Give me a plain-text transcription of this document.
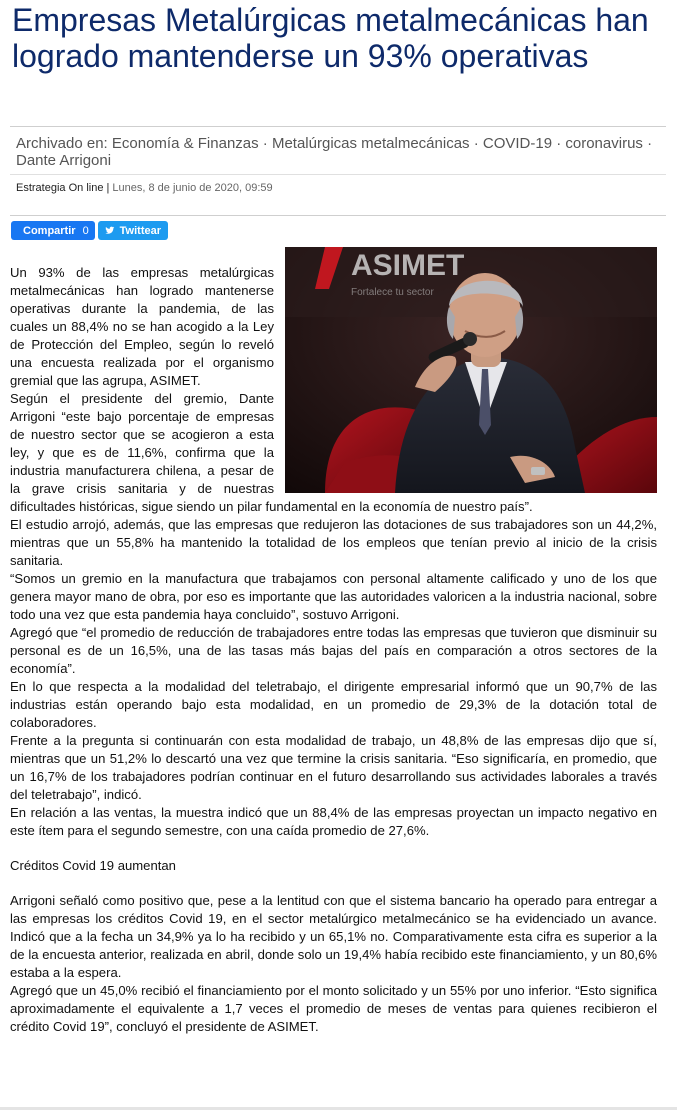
Empresas Metalúrgicas metalmecánicas han logrado mantenderse un 93% operativas
Archivado en: Economía & Finanzas · Metalúrgicas metalmecánicas · COVID-19 · coronavirus · Dante Arrigoni
Estrategia On line | Lunes, 8 de junio de 2020, 09:59
Compartir 0	Twittear
ASIMET
Fortalece tu sector

Un 93% de las empresas metalúrgicas metalmecánicas han logrado mantenerse operativas durante la pandemia, de las cuales un 88,4% no se han acogido a la Ley de Protección del Empleo, según lo reveló una encuesta realizada por el organismo gremial que las agrupa, ASIMET.

Según el presidente del gremio, Dante Arrigoni “este bajo porcentaje de empresas de nuestro sector que se acogieron a esta ley, y que es de 11,6%, confirma que la industria manufacturera chilena, a pesar de la grave crisis sanitaria y de nuestras dificultades históricas, sigue siendo un pilar fundamental en la economía de nuestro país”.

El estudio arrojó, además, que las empresas que redujeron las dotaciones de sus trabajadores son un 44,2%, mientras que un 55,8% ha mantenido la totalidad de los empleos que tenían previo al inicio de la crisis sanitaria.

“Somos un gremio en la manufactura que trabajamos con personal altamente calificado y uno de los que genera mayor mano de obra, por eso es importante que las autoridades valoricen a la industria nacional, sobre todo una vez que esta pandemia haya concluido”, sostuvo Arrigoni.

Agregó que “el promedio de reducción de trabajadores entre todas las empresas que tuvieron que disminuir su personal es de un 16,5%, una de las tasas más bajas del país en comparación a otros sectores de la economía”.

En lo que respecta a la modalidad del teletrabajo, el dirigente empresarial informó que un 90,7% de las industrias están operando bajo esta modalidad, en un promedio de 29,3% de la dotación total de colaboradores.

Frente a la pregunta si continuarán con esta modalidad de trabajo, un 48,8% de las empresas dijo que sí, mientras que un 51,2% lo descartó una vez que termine la crisis sanitaria. “Eso significaría, en promedio, que un 16,7% de los trabajadores podrían continuar en el futuro desarrollando sus actividades laborales a través del teletrabajo”, indicó.

En relación a las ventas, la muestra indicó que un 88,4% de las empresas proyectan un impacto negativo en este ítem para el segundo semestre, con una caída promedio de 27,6%.

Créditos Covid 19 aumentan

Arrigoni señaló como positivo que, pese a la lentitud con que el sistema bancario ha operado para entregar a las empresas los créditos Covid 19, en el sector metalúrgico metalmecánico se ha evidenciado un avance. Indicó que a la fecha un 34,9% ya lo ha recibido y un 65,1% no. Comparativamente esta cifra es superior a la de la encuesta anterior, realizada en abril, donde solo un 19,4% había recibido este financiamiento, y un 80,6% estaba a la espera.

Agregó que un 45,0% recibió el financiamiento por el monto solicitado y un 55% por uno inferior. “Esto significa aproximadamente el equivalente a 1,7 veces el promedio de meses de ventas para quienes recibieron el crédito Covid 19”, concluyó el presidente de ASIMET.
